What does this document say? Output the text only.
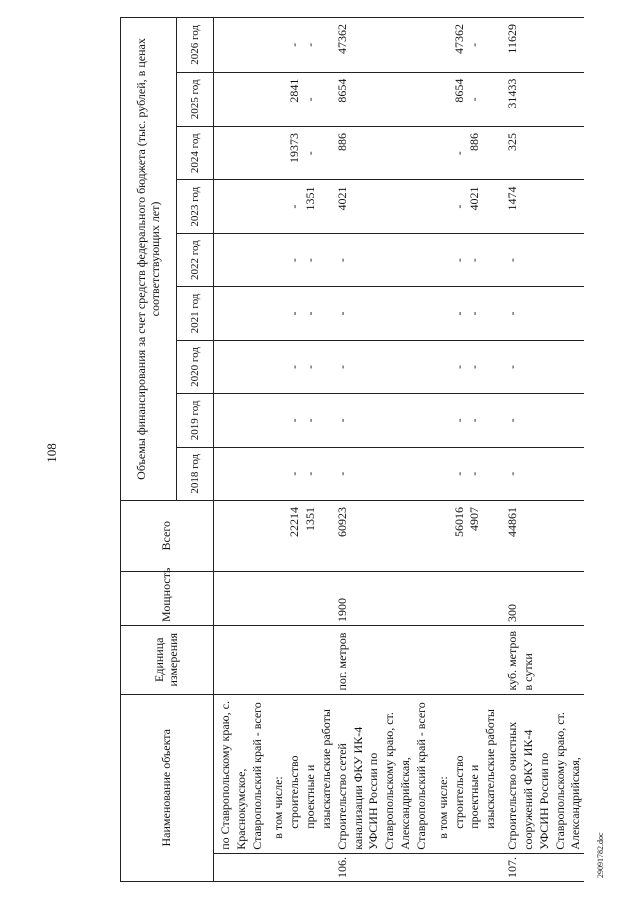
108
29091782.doc
Наименование объекта		Единица измерения	Мощность	Всего	Объемы финансирования за счет средств федерального бюджета (тыс. рублей, в ценах соответствующих лет)								
					2018 год	2019 год	2020 год	2021 год	2022 год	2023 год	2024 год	2025 год	2026 год
	по Ставропольскому краю, с. Краснокумское, Ставропольский край - всего												
	в том числе:												
	строительство			22214	-	-	-	-	-	-	19373	2841	-
	проектные и изыскательские работы			1351	-	-	-	-	-	1351	-	-	-
106.	Строительство сетей канализации ФКУ ИК-4 УФСИН России по Ставропольскому краю, ст. Александрийская, Ставропольский край - всего	пог. метров	1900	60923	-	-	-	-	-	4021	886	8654	47362
	в том числе:												
	строительство			56016	-	-	-	-	-	-	-	8654	47362
	проектные и изыскательские работы			4907	-	-	-	-	-	4021	886	-	-
107.	Строительство очистных сооружений ФКУ ИК-4 УФСИН России по Ставропольскому краю, ст. Александрийская,	куб. метров в сутки	300	44861	-	-	-	-	-	1474	325	31433	11629
